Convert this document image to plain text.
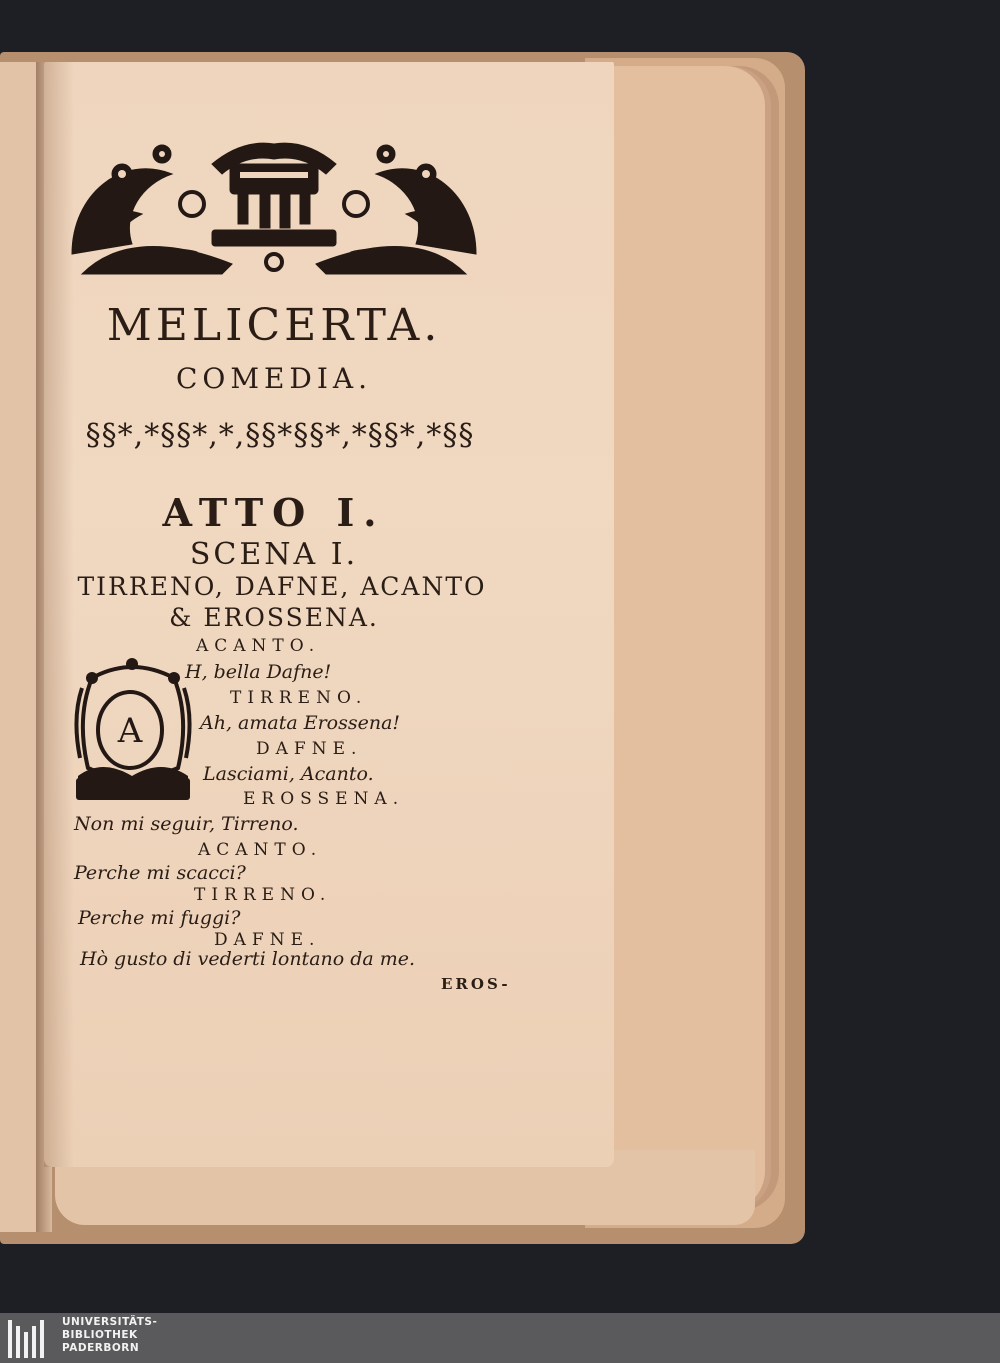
MELICERTA.

COMEDIA.

§§*,*§§*,*,§§*§§*,*§§*,*§§

ATTO I.

SCENA I.

TIRRENO, DAFNE, ACANTO

& EROSSENA.

A

ACANTO.

H, bella Dafne!

TIRRENO.

Ah, amata Erossena!

DAFNE.

Lasciami, Acanto.

EROSSENA.

Non mi seguir, Tirreno.

ACANTO.

Perche mi scacci?

TIRRENO.

Perche mi fuggi?

DAFNE.

Hò gusto di vederti lontano da me.

EROS-

UNIVERSITÄTS-
BIBLIOTHEK
PADERBORN
